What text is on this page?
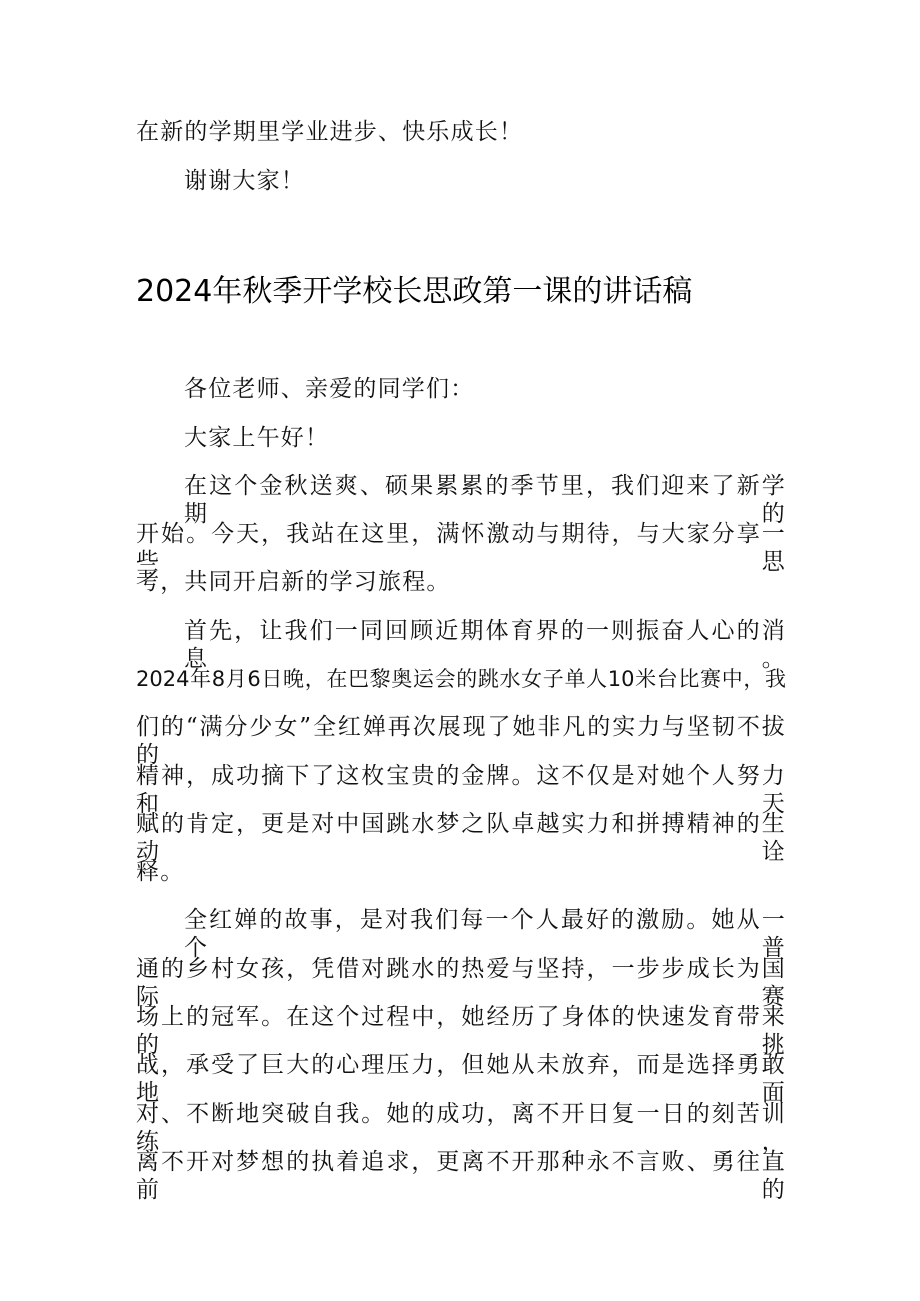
在新的学期里学业进步、快乐成长！
谢谢大家！
2024年秋季开学校长思政第一课的讲话稿
各位老师、亲爱的同学们：
大家上午好！
在这个金秋送爽、硕果累累的季节里，我们迎来了新学期的
开始。今天，我站在这里，满怀激动与期待，与大家分享一些思
考，共同开启新的学习旅程。
首先，让我们一同回顾近期体育界的一则振奋人心的消息。
2024年8月6日晚，在巴黎奥运会的跳水女子单人10米台比赛中，我
们的“满分少女”全红婵再次展现了她非凡的实力与坚韧不拔的
精神，成功摘下了这枚宝贵的金牌。这不仅是对她个人努力和天
赋的肯定，更是对中国跳水梦之队卓越实力和拼搏精神的生动诠
释。
全红婵的故事，是对我们每一个人最好的激励。她从一个普
通的乡村女孩，凭借对跳水的热爱与坚持，一步步成长为国际赛
场上的冠军。在这个过程中，她经历了身体的快速发育带来的挑
战，承受了巨大的心理压力，但她从未放弃，而是选择勇敢地面
对、不断地突破自我。她的成功，离不开日复一日的刻苦训练，
离不开对梦想的执着追求，更离不开那种永不言败、勇往直前的
